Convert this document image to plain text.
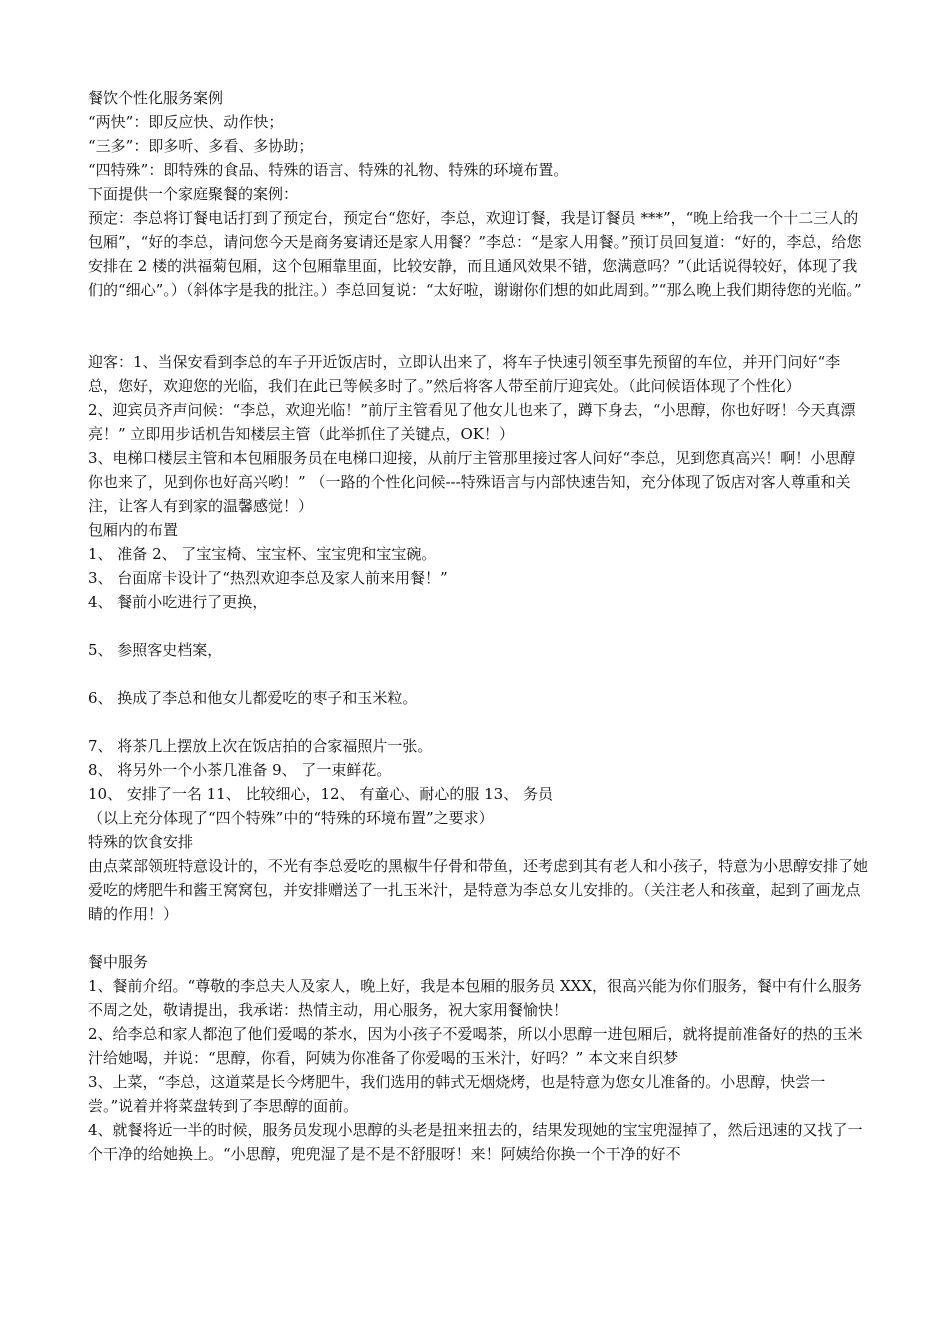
餐饮个性化服务案例

“两快”：即反应快、动作快；

“三多”：即多听、多看、多协助；

“四特殊”：即特殊的食品、特殊的语言、特殊的礼物、特殊的环境布置。

下面提供一个家庭聚餐的案例：

预定：李总将订餐电话打到了预定台，预定台“您好，李总，欢迎订餐，我是订餐员 ***”，“晚上给我一个十二三人的包厢”，“好的李总，请问您今天是商务宴请还是家人用餐？”李总：“是家人用餐。”预订员回复道：“好的，李总，给您安排在 2 楼的洪福菊包厢，这个包厢靠里面，比较安静，而且通风效果不错，您满意吗？”（此话说得较好，体现了我们的“细心”。）（斜体字是我的批注。）李总回复说：“太好啦，谢谢你们想的如此周到。”“那么晚上我们期待您的光临。”

迎客：1、当保安看到李总的车子开近饭店时，立即认出来了，将车子快速引领至事先预留的车位，并开门问好“李总，您好，欢迎您的光临，我们在此已等候多时了。”然后将客人带至前厅迎宾处。（此问候语体现了个性化）

2、迎宾员齐声问候：“李总，欢迎光临！”前厅主管看见了他女儿也来了，蹲下身去，“小思醇，你也好呀！今天真漂亮！” 立即用步话机告知楼层主管（此举抓住了关键点，OK！）

3、电梯口楼层主管和本包厢服务员在电梯口迎接，从前厅主管那里接过客人问好“李总，见到您真高兴！啊！小思醇你也来了，见到你也好高兴哟！” （一路的个性化问候---特殊语言与内部快速告知，充分体现了饭店对客人尊重和关注，让客人有到家的温馨感觉！）

包厢内的布置

1、 准备 2、 了宝宝椅、宝宝杯、宝宝兜和宝宝碗。

3、 台面席卡设计了“热烈欢迎李总及家人前来用餐！”

4、 餐前小吃进行了更换，

5、 参照客史档案，

6、 换成了李总和他女儿都爱吃的枣子和玉米粒。

7、 将茶几上摆放上次在饭店拍的合家福照片一张。

8、 将另外一个小茶几准备 9、 了一束鲜花。

10、 安排了一名 11、 比较细心，12、 有童心、耐心的服 13、 务员

（以上充分体现了“四个特殊”中的“特殊的环境布置”之要求）

特殊的饮食安排

由点菜部领班特意设计的，不光有李总爱吃的黑椒牛仔骨和带鱼，还考虑到其有老人和小孩子，特意为小思醇安排了她爱吃的烤肥牛和酱王窝窝包，并安排赠送了一扎玉米汁，是特意为李总女儿安排的。（关注老人和孩童，起到了画龙点睛的作用！）

餐中服务

1、餐前介绍。“尊敬的李总夫人及家人，晚上好，我是本包厢的服务员 XXX，很高兴能为你们服务，餐中有什么服务不周之处，敬请提出，我承诺：热情主动，用心服务，祝大家用餐愉快！

2、给李总和家人都泡了他们爱喝的茶水，因为小孩子不爱喝茶，所以小思醇一进包厢后，就将提前准备好的热的玉米汁给她喝，并说：“思醇，你看，阿姨为你准备了你爱喝的玉米汁，好吗？” 本文来自织梦

3、上菜，“李总，这道菜是长今烤肥牛，我们选用的韩式无烟烧烤，也是特意为您女儿准备的。小思醇，快尝一尝。”说着并将菜盘转到了李思醇的面前。

4、就餐将近一半的时候，服务员发现小思醇的头老是扭来扭去的，结果发现她的宝宝兜湿掉了，然后迅速的又找了一个干净的给她换上。“小思醇，兜兜湿了是不是不舒服呀！来！阿姨给你换一个干净的好不
